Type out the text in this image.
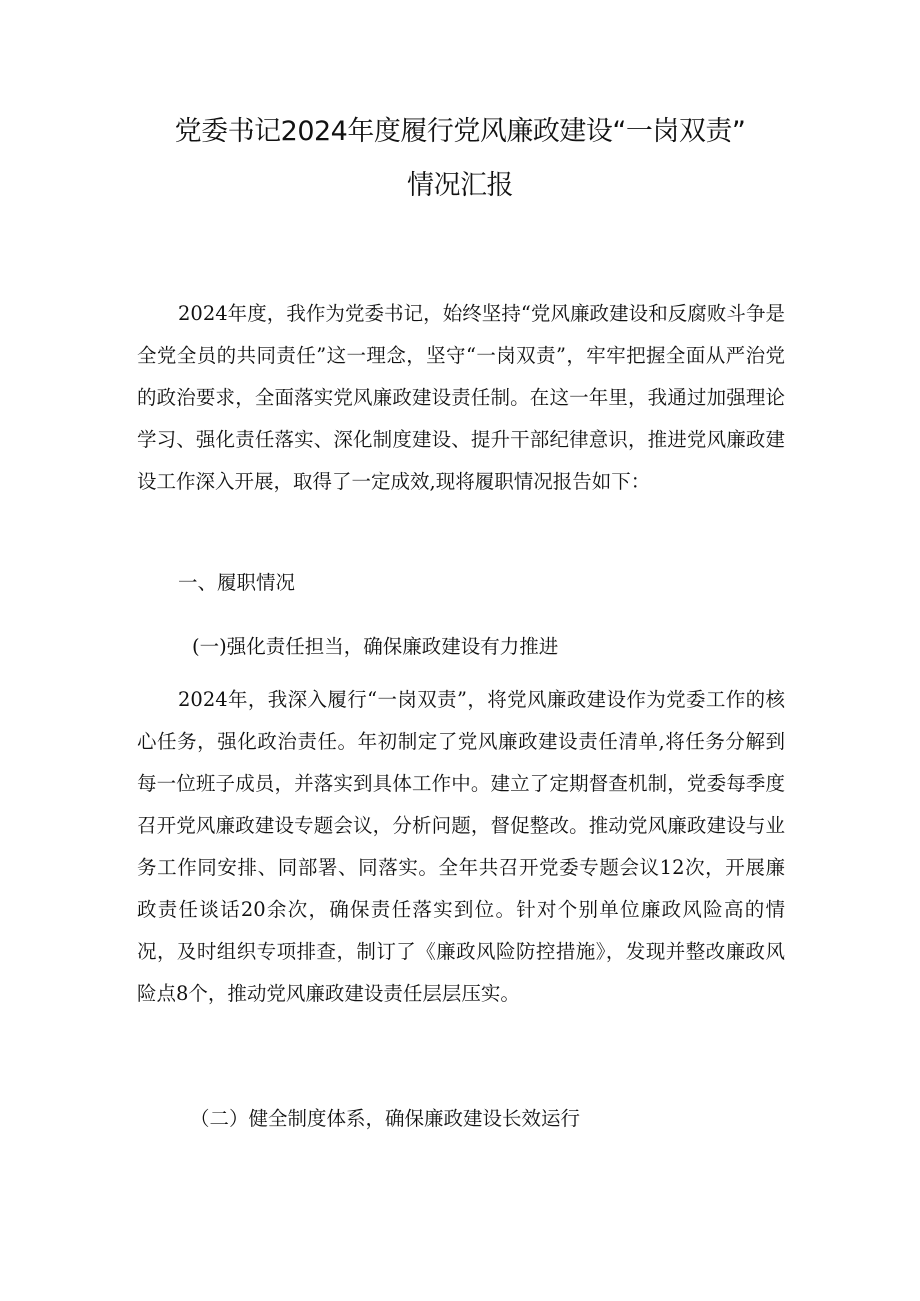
党委书记2024年度履行党风廉政建设“一岗双责”
情况汇报
2024年度，我作为党委书记，始终坚持“党风廉政建设和反腐败斗争是全党全员的共同责任”这一理念，坚守“一岗双责”，牢牢把握全面从严治党的政治要求，全面落实党风廉政建设责任制。在这一年里，我通过加强理论学习、强化责任落实、深化制度建设、提升干部纪律意识，推进党风廉政建设工作深入开展，取得了一定成效,现将履职情况报告如下：
一、履职情况
(一)强化责任担当，确保廉政建设有力推进
2024年，我深入履行“一岗双责”，将党风廉政建设作为党委工作的核心任务，强化政治责任。年初制定了党风廉政建设责任清单,将任务分解到每一位班子成员，并落实到具体工作中。建立了定期督查机制，党委每季度召开党风廉政建设专题会议，分析问题，督促整改。推动党风廉政建设与业务工作同安排、同部署、同落实。全年共召开党委专题会议12次，开展廉政责任谈话20余次，确保责任落实到位。针对个别单位廉政风险高的情况，及时组织专项排查，制订了《廉政风险防控措施》，发现并整改廉政风险点8个，推动党风廉政建设责任层层压实。
（二）健全制度体系，确保廉政建设长效运行
